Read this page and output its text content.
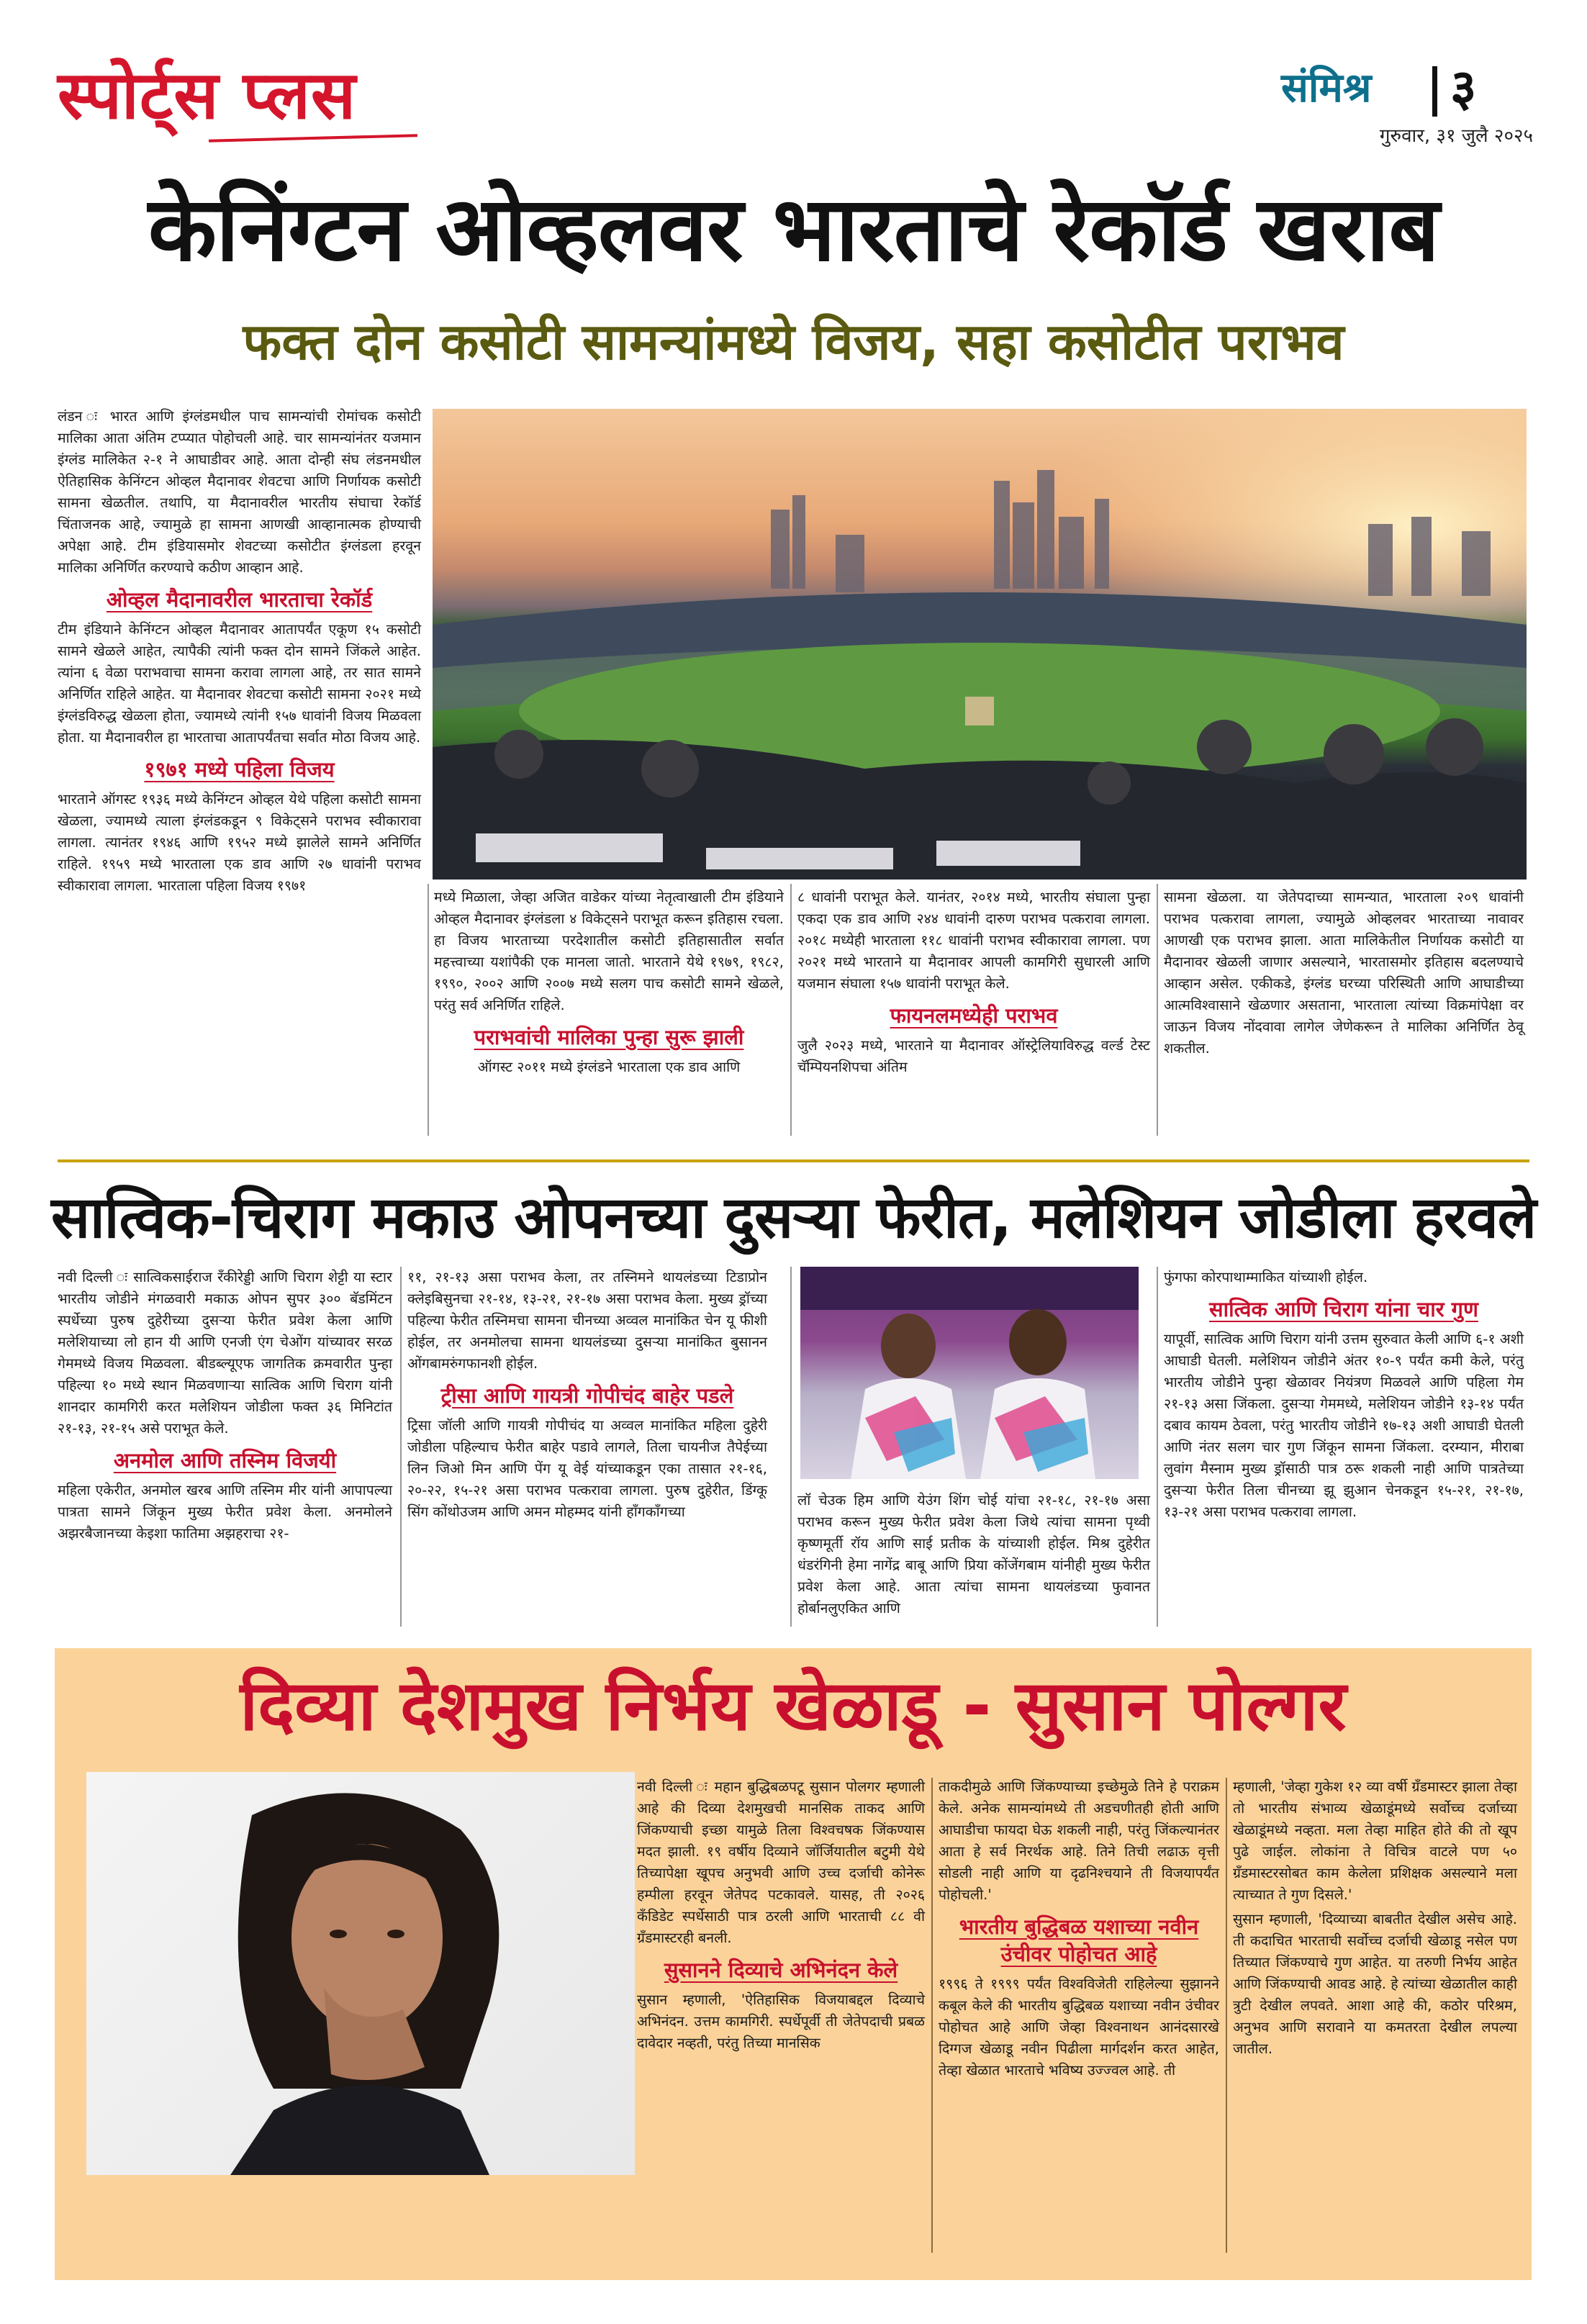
स्पोर्ट्स प्लस	संमिश्र ३
गुरुवार, ३१ जुलै २०२५
केनिंग्टन ओव्हलवर भारताचे रेकॉर्ड खराब
फक्त दोन कसोटी सामन्यांमध्ये विजय, सहा कसोटीत पराभव

लंडन ः भारत आणि इंग्लंडमधील पाच सामन्यांची रोमांचक कसोटी मालिका आता अंतिम टप्प्यात पोहोचली आहे. चार सामन्यांनंतर यजमान इंग्लंड मालिकेत २-१ ने आघाडीवर आहे. आता दोन्ही संघ लंडनमधील ऐतिहासिक केनिंग्टन ओव्हल मैदानावर शेवटचा आणि निर्णायक कसोटी सामना खेळतील. तथापि, या मैदानावरील भारतीय संघाचा रेकॉर्ड चिंताजनक आहे, ज्यामुळे हा सामना आणखी आव्हानात्मक होण्याची अपेक्षा आहे. टीम इंडियासमोर शेवटच्या कसोटीत इंग्लंडला हरवून मालिका अनिर्णित करण्याचे कठीण आव्हान आहे.

ओव्हल मैदानावरील भारताचा रेकॉर्ड

टीम इंडियाने केनिंग्टन ओव्हल मैदानावर आतापर्यंत एकूण १५ कसोटी सामने खेळले आहेत, त्यापैकी त्यांनी फक्त दोन सामने जिंकले आहेत. त्यांना ६ वेळा पराभवाचा सामना करावा लागला आहे, तर सात सामने अनिर्णित राहिले आहेत. या मैदानावर शेवटचा कसोटी सामना २०२१ मध्ये इंग्लंडविरुद्ध खेळला होता, ज्यामध्ये त्यांनी १५७ धावांनी विजय मिळवला होता. या मैदानावरील हा भारताचा आतापर्यंतचा सर्वात मोठा विजय आहे.

१९७१ मध्ये पहिला विजय

भारताने ऑगस्ट १९३६ मध्ये केनिंग्टन ओव्हल येथे पहिला कसोटी सामना खेळला, ज्यामध्ये त्याला इंग्लंडकडून ९ विकेट्सने पराभव स्वीकारावा लागला. त्यानंतर १९४६ आणि १९५२ मध्ये झालेले सामने अनिर्णित राहिले. १९५९ मध्ये भारताला एक डाव आणि २७ धावांनी पराभव स्वीकारावा लागला. भारताला पहिला विजय १९७१

मध्ये मिळाला, जेव्हा अजित वाडेकर यांच्या नेतृत्वाखाली टीम इंडियाने ओव्हल मैदानावर इंग्लंडला ४ विकेट्सने पराभूत करून इतिहास रचला. हा विजय भारताच्या परदेशातील कसोटी इतिहासातील सर्वात महत्त्वाच्या यशांपैकी एक मानला जातो. भारताने येथे १९७९, १९८२, १९९०, २००२ आणि २००७ मध्ये सलग पाच कसोटी सामने खेळले, परंतु सर्व अनिर्णित राहिले.

पराभवांची मालिका पुन्हा सुरू झाली

ऑगस्ट २०११ मध्ये इंग्लंडने भारताला एक डाव आणि

८ धावांनी पराभूत केले. यानंतर, २०१४ मध्ये, भारतीय संघाला पुन्हा एकदा एक डाव आणि २४४ धावांनी दारुण पराभव पत्करावा लागला. २०१८ मध्येही भारताला ११८ धावांनी पराभव स्वीकारावा लागला. पण २०२१ मध्ये भारताने या मैदानावर आपली कामगिरी सुधारली आणि यजमान संघाला १५७ धावांनी पराभूत केले.

फायनलमध्येही पराभव

जुलै २०२३ मध्ये, भारताने या मैदानावर ऑस्ट्रेलियाविरुद्ध वर्ल्ड टेस्ट चॅम्पियनशिपचा अंतिम

सामना खेळला. या जेतेपदाच्या सामन्यात, भारताला २०९ धावांनी पराभव पत्करावा लागला, ज्यामुळे ओव्हलवर भारताच्या नावावर आणखी एक पराभव झाला. आता मालिकेतील निर्णायक कसोटी या मैदानावर खेळली जाणार असल्याने, भारतासमोर इतिहास बदलण्याचे आव्हान असेल. एकीकडे, इंग्लंड घरच्या परिस्थिती आणि आघाडीच्या आत्मविश्वासाने खेळणार असताना, भारताला त्यांच्या विक्रमांपेक्षा वर जाऊन विजय नोंदवावा लागेल जेणेकरून ते मालिका अनिर्णित ठेवू शकतील.

सात्विक-चिराग मकाउ ओपनच्या दुसऱ्या फेरीत, मलेशियन जोडीला हरवले

नवी दिल्ली ः सात्विकसाईराज रँकीरेड्डी आणि चिराग शेट्टी या स्टार भारतीय जोडीने मंगळवारी मकाऊ ओपन सुपर ३०० बॅडमिंटन स्पर्धेच्या पुरुष दुहेरीच्या दुसऱ्या फेरीत प्रवेश केला आणि मलेशियाच्या लो हान यी आणि एनजी एंग चेओंग यांच्यावर सरळ गेममध्ये विजय मिळवला. बीडब्ल्यूएफ जागतिक क्रमवारीत पुन्हा पहिल्या १० मध्ये स्थान मिळवणाऱ्या सात्विक आणि चिराग यांनी शानदार कामगिरी करत मलेशियन जोडीला फक्त ३६ मिनिटांत २१-१३, २१-१५ असे पराभूत केले.

अनमोल आणि तस्निम विजयी

महिला एकेरीत, अनमोल खरब आणि तस्निम मीर यांनी आपापल्या पात्रता सामने जिंकून मुख्य फेरीत प्रवेश केला. अनमोलने अझरबैजानच्या केइशा फातिमा अझहराचा २१-

११, २१-१३ असा पराभव केला, तर तस्निमने थायलंडच्या टिडाप्रोन क्लेइबिसुनचा २१-१४, १३-२१, २१-१७ असा पराभव केला. मुख्य ड्रॉच्या पहिल्या फेरीत तस्निमचा सामना चीनच्या अव्वल मानांकित चेन यू फीशी होईल, तर अनमोलचा सामना थायलंडच्या दुसऱ्या मानांकित बुसानन ओंगबामरुंगफानशी होईल.

ट्रीसा आणि गायत्री गोपीचंद बाहेर पडले

ट्रिसा जॉली आणि गायत्री गोपीचंद या अव्वल मानांकित महिला दुहेरी जोडीला पहिल्याच फेरीत बाहेर पडावे लागले, तिला चायनीज तैपेईच्या लिन जिओ मिन आणि पेंग यू वेई यांच्याकडून एका तासात २१-१६, २०-२२, १५-२१ असा पराभव पत्करावा लागला. पुरुष दुहेरीत, डिंग्कू सिंग कोंथोउजम आणि अमन मोहम्मद यांनी हॉंगकॉंगच्या

लॉ चेउक हिम आणि येउंग शिंग चोई यांचा २१-१८, २१-१७ असा पराभव करून मुख्य फेरीत प्रवेश केला जिथे त्यांचा सामना पृथ्वी कृष्णमूर्ती रॉय आणि साई प्रतीक के यांच्याशी होईल. मिश्र दुहेरीत धंडरंगिनी हेमा नागेंद्र बाबू आणि प्रिया कोंजेंगबाम यांनीही मुख्य फेरीत प्रवेश केला आहे. आता त्यांचा सामना थायलंडच्या फुवानत होर्बानलुएकित आणि

फुंगफा कोरपाथाम्माकित यांच्याशी होईल.

सात्विक आणि चिराग यांना चार गुण

यापूर्वी, सात्विक आणि चिराग यांनी उत्तम सुरुवात केली आणि ६-१ अशी आघाडी घेतली. मलेशियन जोडीने अंतर १०-९ पर्यंत कमी केले, परंतु भारतीय जोडीने पुन्हा खेळावर नियंत्रण मिळवले आणि पहिला गेम २१-१३ असा जिंकला. दुसऱ्या गेममध्ये, मलेशियन जोडीने १३-१४ पर्यंत दबाव कायम ठेवला, परंतु भारतीय जोडीने १७-१३ अशी आघाडी घेतली आणि नंतर सलग चार गुण जिंकून सामना जिंकला. दरम्यान, मीराबा लुवांग मैस्नाम मुख्य ड्रॉसाठी पात्र ठरू शकली नाही आणि पात्रतेच्या दुसऱ्या फेरीत तिला चीनच्या झू झुआन चेनकडून १५-२१, २१-१७, १३-२१ असा पराभव पत्करावा लागला.

दिव्या देशमुख निर्भय खेळाडू - सुसान पोल्गर

नवी दिल्ली ः महान बुद्धिबळपटू सुसान पोलगर म्हणाली आहे की दिव्या देशमुखची मानसिक ताकद आणि जिंकण्याची इच्छा यामुळे तिला विश्वचषक जिंकण्यास मदत झाली. १९ वर्षीय दिव्याने जॉर्जियातील बटुमी येथे तिच्यापेक्षा खूपच अनुभवी आणि उच्च दर्जाची कोनेरू हम्पीला हरवून जेतेपद पटकावले. यासह, ती २०२६ कँडिडेट स्पर्धेसाठी पात्र ठरली आणि भारताची ८८ वी ग्रँडमास्टरही बनली.

सुसानने दिव्याचे अभिनंदन केले

सुसान म्हणाली, 'ऐतिहासिक विजयाबद्दल दिव्याचे अभिनंदन. उत्तम कामगिरी. स्पर्धेपूर्वी ती जेतेपदाची प्रबळ दावेदार नव्हती, परंतु तिच्या मानसिक

ताकदीमुळे आणि जिंकण्याच्या इच्छेमुळे तिने हे पराक्रम केले. अनेक सामन्यांमध्ये ती अडचणीतही होती आणि आघाडीचा फायदा घेऊ शकली नाही, परंतु जिंकल्यानंतर आता हे सर्व निरर्थक आहे. तिने तिची लढाऊ वृत्ती सोडली नाही आणि या दृढनिश्चयाने ती विजयापर्यंत पोहोचली.'

भारतीय बुद्धिबळ यशाच्या नवीन उंचीवर पोहोचत आहे

१९९६ ते १९९९ पर्यंत विश्वविजेती राहिलेल्या सुझानने कबूल केले की भारतीय बुद्धिबळ यशाच्या नवीन उंचीवर पोहोचत आहे आणि जेव्हा विश्वनाथन आनंदसारखे दिग्गज खेळाडू नवीन पिढीला मार्गदर्शन करत आहेत, तेव्हा खेळात भारताचे भविष्य उज्ज्वल आहे. ती

म्हणाली, 'जेव्हा गुकेश १२ व्या वर्षी ग्रँडमास्टर झाला तेव्हा तो भारतीय संभाव्य खेळाडूंमध्ये सर्वोच्च दर्जाच्या खेळाडूंमध्ये नव्हता. मला तेव्हा माहित होते की तो खूप पुढे जाईल. लोकांना ते विचित्र वाटले पण ५० ग्रँडमास्टरसोबत काम केलेला प्रशिक्षक असल्याने मला त्याच्यात ते गुण दिसले.'

सुसान म्हणाली, 'दिव्याच्या बाबतीत देखील असेच आहे. ती कदाचित भारताची सर्वोच्च दर्जाची खेळाडू नसेल पण तिच्यात जिंकण्याचे गुण आहेत. या तरुणी निर्भय आहेत आणि जिंकण्याची आवड आहे. हे त्यांच्या खेळातील काही त्रुटी देखील लपवते. आशा आहे की, कठोर परिश्रम, अनुभव आणि सरावाने या कमतरता देखील लपल्या जातील.
